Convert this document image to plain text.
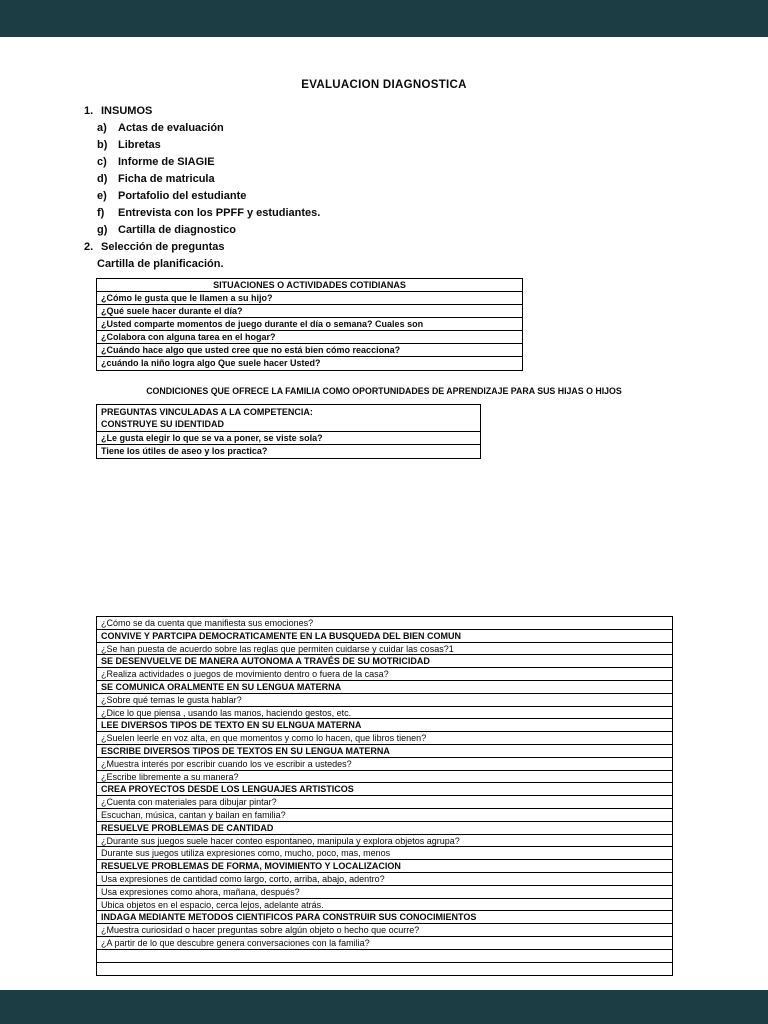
EVALUACION DIAGNOSTICA
1. INSUMOS
a)	Actas de evaluación
b) Libretas
c)	Informe de SIAGIE
d) Ficha de matricula
e)	Portafolio del estudiante
f)	Entrevista con los PPFF y estudiantes.
g) Cartilla de diagnostico
2. Selección de preguntas
Cartilla de planificación.
SITUACIONES O ACTIVIDADES COTIDIANAS
¿Cómo le gusta que le llamen a su hijo?
¿Qué suele hacer durante el día?
¿Usted comparte momentos de juego durante el día o semana? Cuales son
¿Colabora con alguna tarea en el hogar?
¿Cuándo hace algo que usted cree que no está bien cómo reacciona?
¿cuándo la niño logra algo Que suele hacer Usted?
CONDICIONES QUE OFRECE LA FAMILIA COMO OPORTUNIDADES DE APRENDIZAJE PARA SUS HIJAS O HIJOS
PREGUNTAS VINCULADAS A LA COMPETENCIA:
CONSTRUYE SU IDENTIDAD
¿Le gusta elegir lo que se va a poner, se viste sola?
Tiene los útiles de aseo y los practica?
¿Cómo se da cuenta que manifiesta sus emociones?
CONVIVE Y PARTCIPA DEMOCRATICAMENTE EN LA BUSQUEDA DEL BIEN COMUN
¿Se han puesta de acuerdo sobre las reglas que permiten cuidarse y cuidar las cosas?1
SE DESENVUELVE DE MANERA AUTONOMA A TRAVÉS DE SU MOTRICIDAD
¿Realiza actividades o juegos de movimiento dentro o fuera de la casa?
SE COMUNICA ORALMENTE EN SU LENGUA MATERNA
¿Sobre qué temas le gusta hablar?
¿Dice lo que piensa , usando las manos, haciendo gestos, etc.
LEE DIVERSOS TIPOS DE TEXTO EN SU ELNGUA MATERNA
¿Suelen leerle en voz alta, en que momentos y como lo hacen, que libros tienen?
ESCRIBE DIVERSOS TIPOS DE TEXTOS EN SU LENGUA MATERNA
¿Muestra interés por escribir cuando los ve escribir a ustedes?
¿Escribe libremente a su manera?
CREA PROYECTOS DESDE LOS LENGUAJES ARTISTICOS
¿Cuenta con materiales para dibujar pintar?
Escuchan, música, cantan y bailan en familia?
RESUELVE PROBLEMAS DE CANTIDAD
¿Durante sus juegos suele hacer conteo espontaneo, manipula y explora objetos agrupa?
Durante sus juegos utiliza expresiones como, mucho, poco, mas, menos
RESUELVE PROBLEMAS DE FORMA, MOVIMIENTO Y LOCALIZACION
Usa expresiones de cantidad como largo, corto, arriba, abajo, adentro?
Usa expresiones como ahora, mañana, después?
Ubica objetos en el espacio, cerca lejos, adelante atrás.
INDAGA MEDIANTE METODOS CIENTIFICOS PARA CONSTRUIR SUS CONOCIMIENTOS
¿Muestra curiosidad o hacer preguntas sobre algún objeto o hecho que ocurre?
¿A partir de lo que descubre genera conversaciones con la familia?
